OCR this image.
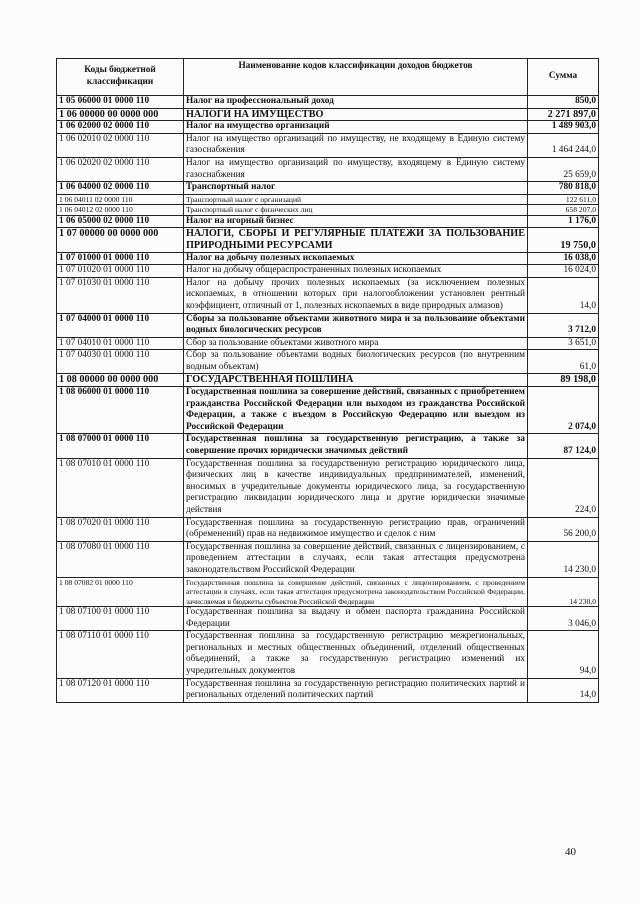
Коды бюджетной классификации	Наименование кодов классификации доходов бюджетов	Сумма
1 05 06000 01 0000 110	Налог на профессиональный доход	850,0
1 06 00000 00 0000 000	НАЛОГИ НА ИМУЩЕСТВО	2 271 897,0
1 06 02000 02 0000 110	Налог на имущество организаций	1 489 903,0
1 06 02010 02 0000 110	Налог на имущество организаций по имуществу, не входящему в Единую систему газоснабжения	1 464 244,0
1 06 02020 02 0000 110	Налог на имущество организаций по имуществу, входящему в Единую систему газоснабжения	25 659,0
1 06 04000 02 0000 110	Транспортный налог	780 818,0
1 06 04011 02 0000 110	Транспортный налог с организаций	122 611,0
1 06 04012 02 0000 110	Транспортный налог с физических лиц	658 207,0
1 06 05000 02 0000 110	Налог на игорный бизнес	1 176,0
1 07 00000 00 0000 000	НАЛОГИ, СБОРЫ И РЕГУЛЯРНЫЕ ПЛАТЕЖИ ЗА ПОЛЬЗОВАНИЕ ПРИРОДНЫМИ РЕСУРСАМИ	19 750,0
1 07 01000 01 0000 110	Налог на добычу полезных ископаемых	16 038,0
1 07 01020 01 0000 110	Налог на добычу общераспространенных полезных ископаемых	16 024,0
1 07 01030 01 0000 110	Налог на добычу прочих полезных ископаемых (за исключением полезных ископаемых, в отношении которых при налогообложении установлен рентный коэффициент, отличный от 1, полезных ископаемых в виде природных алмазов)	14,0
1 07 04000 01 0000 110	Сборы за пользование объектами животного мира и за пользование объектами водных биологических ресурсов	3 712,0
1 07 04010 01 0000 110	Сбор за пользование объектами животного мира	3 651,0
1 07 04030 01 0000 110	Сбор за пользование объектами водных биологических ресурсов (по внутренним водным объектам)	61,0
1 08 00000 00 0000 000	ГОСУДАРСТВЕННАЯ ПОШЛИНА	89 198,0
1 08 06000 01 0000 110	Государственная пошлина за совершение действий, связанных с приобретением гражданства Российской Федерации или выходом из гражданства Российской Федерации, а также с въездом в Российскую Федерацию или выездом из Российской Федерации	2 074,0
1 08 07000 01 0000 110	Государственная пошлина за государственную регистрацию, а также за совершение прочих юридически значимых действий	87 124,0
1 08 07010 01 0000 110	Государственная пошлина за государственную регистрацию юридического лица, физических лиц в качестве индивидуальных предпринимателей, изменений, вносимых в учредительные документы юридического лица, за государственную регистрацию ликвидации юридического лица и другие юридически значимые действия	224,0
1 08 07020 01 0000 110	Государственная пошлина за государственную регистрацию прав, ограничений (обременений) прав на недвижимое имущество и сделок с ним	56 200,0
1 08 07080 01 0000 110	Государственная пошлина за совершение действий, связанных с лицензированием, с проведением аттестации в случаях, если такая аттестация предусмотрена законодательством Российской Федерации	14 230,0
1 08 07082 01 0000 110	Государственная пошлина за совершение действий, связанных с лицензированием, с проведением аттестации в случаях, если такая аттестация предусмотрена законодательством Российской Федерации, зачисляемая в бюджеты субъектов Российской Федерации	14 230,0
1 08 07100 01 0000 110	Государственная пошлина за выдачу и обмен паспорта гражданина Российской Федерации	3 046,0
1 08 07110 01 0000 110	Государственная пошлина за государственную регистрацию межрегиональных, региональных и местных общественных объединений, отделений общественных объединений, а также за государственную регистрацию изменений их учредительных документов	94,0
1 08 07120 01 0000 110	Государственная пошлина за государственную регистрацию политических партий и региональных отделений политических партий	14,0
40
